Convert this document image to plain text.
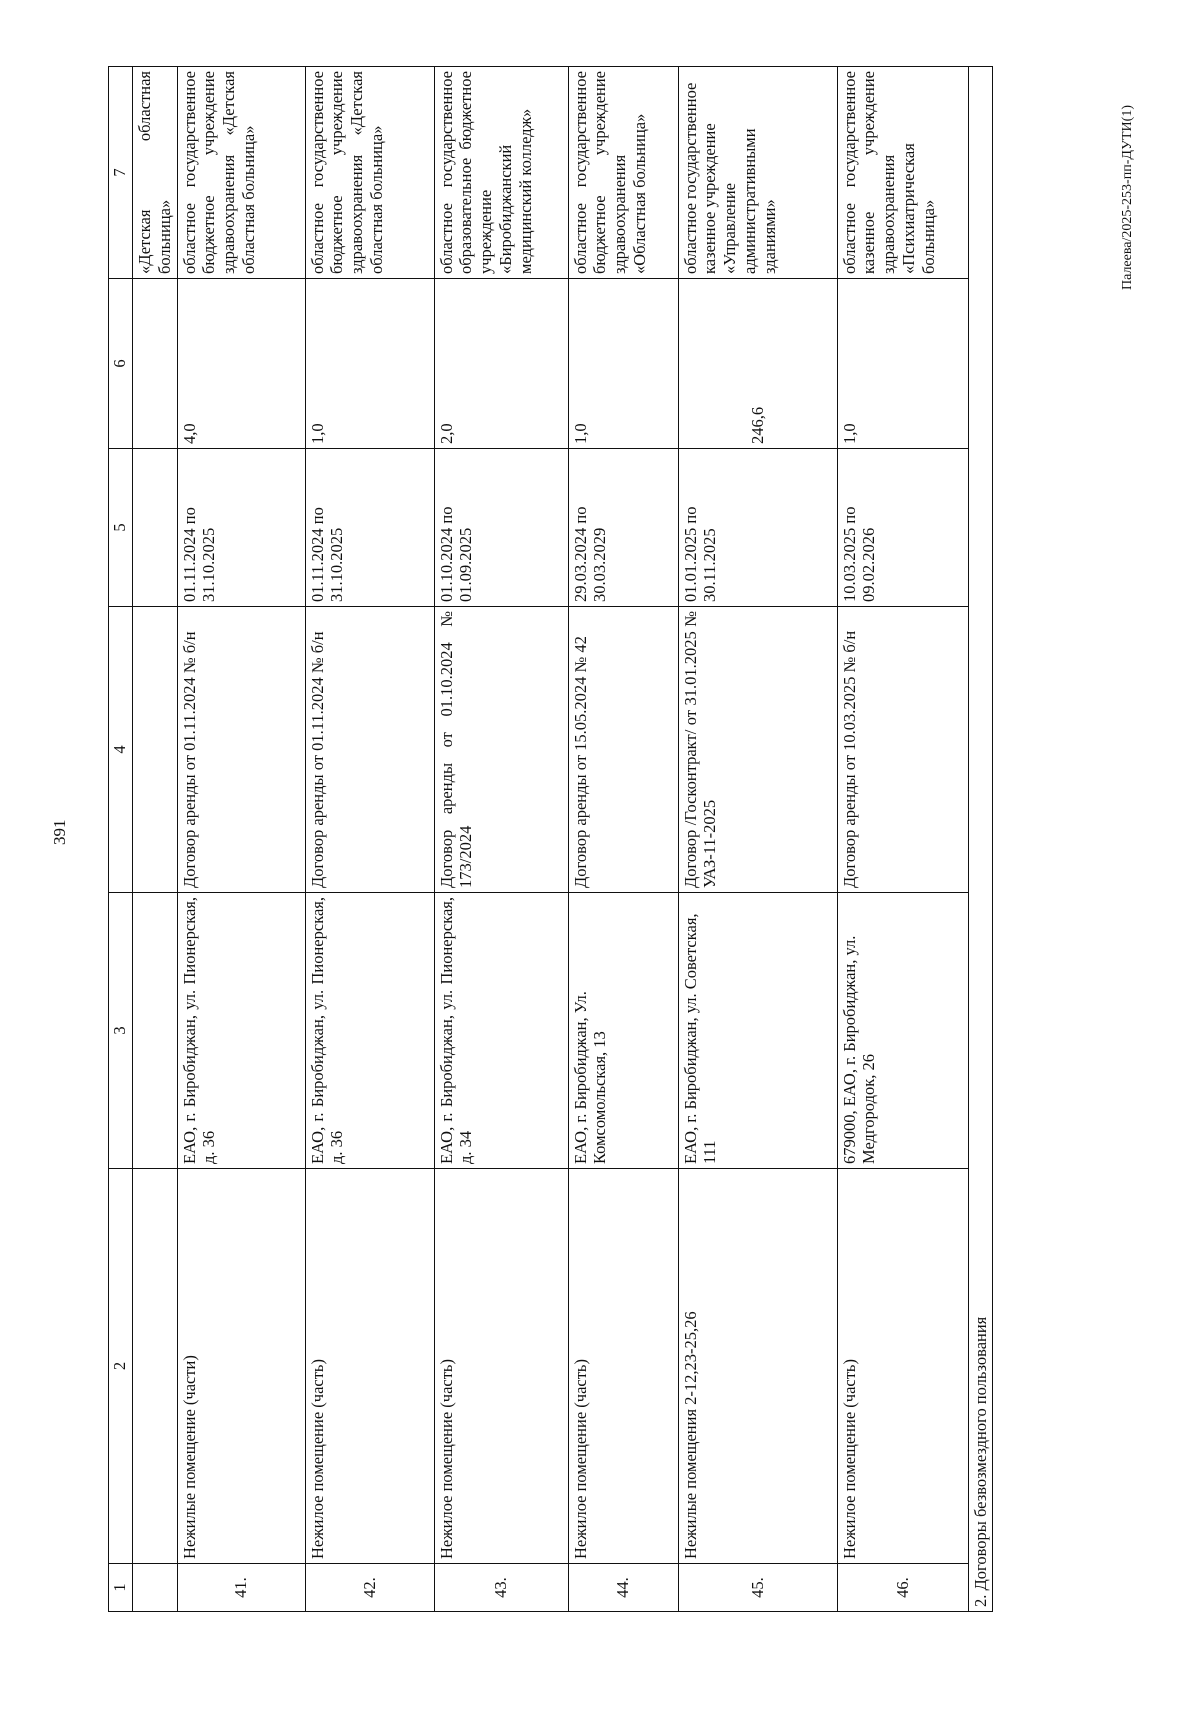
391
Палеева/2025-253-пп-ДУТИ(1)
1	2	3	4	5	6	7
						«Детская областная больница»
41.	Нежилые помещение (части)	ЕАО, г. Биробиджан, ул. Пионерская, д. 36	Договор аренды от 01.11.2024 № б/н	01.11.2024 по 31.10.2025	4,0	областное государственное бюджетное учреждение здравоохранения «Детская областная больница»
42.	Нежилое помещение (часть)	ЕАО, г. Биробиджан, ул. Пионерская, д. 36	Договор аренды от 01.11.2024 № б/н	01.11.2024 по 31.10.2025	1,0	областное государственное бюджетное учреждение здравоохранения «Детская областная больница»
43.	Нежилое помещение (часть)	ЕАО, г. Биробиджан, ул. Пионерская, д. 34	Договор аренды от 01.10.2024 № 173/2024	01.10.2024 по 01.09.2025	2,0	областное государственное образовательное бюджетное учреждение «Биробиджанский медицинский колледж»
44.	Нежилое помещение (часть)	ЕАО, г. Биробиджан, Ул. Комсомольская, 13	Договор аренды от 15.05.2024 № 42	29.03.2024 по 30.03.2029	1,0	областное государственное бюджетное учреждение здравоохранения «Областная больница»
45.	Нежилые помещения 2-12,23-25,26	ЕАО, г. Биробиджан, ул. Советская, 111	Договор /Госконтракт/ от 31.01.2025 № УАЗ-11-2025	01.01.2025 по 30.11.2025	246,6	областное государственное казенное учреждение «Управление административными зданиями»
46.	Нежилое помещение (часть)	679000, ЕАО, г. Биробиджан, ул. Медгородок, 26	Договор аренды от 10.03.2025 № б/н	10.03.2025 по 09.02.2026	1,0	областное государственное казенное учреждение здравоохранения «Психиатрическая больница»
2. Договоры безвозмездного пользования						
